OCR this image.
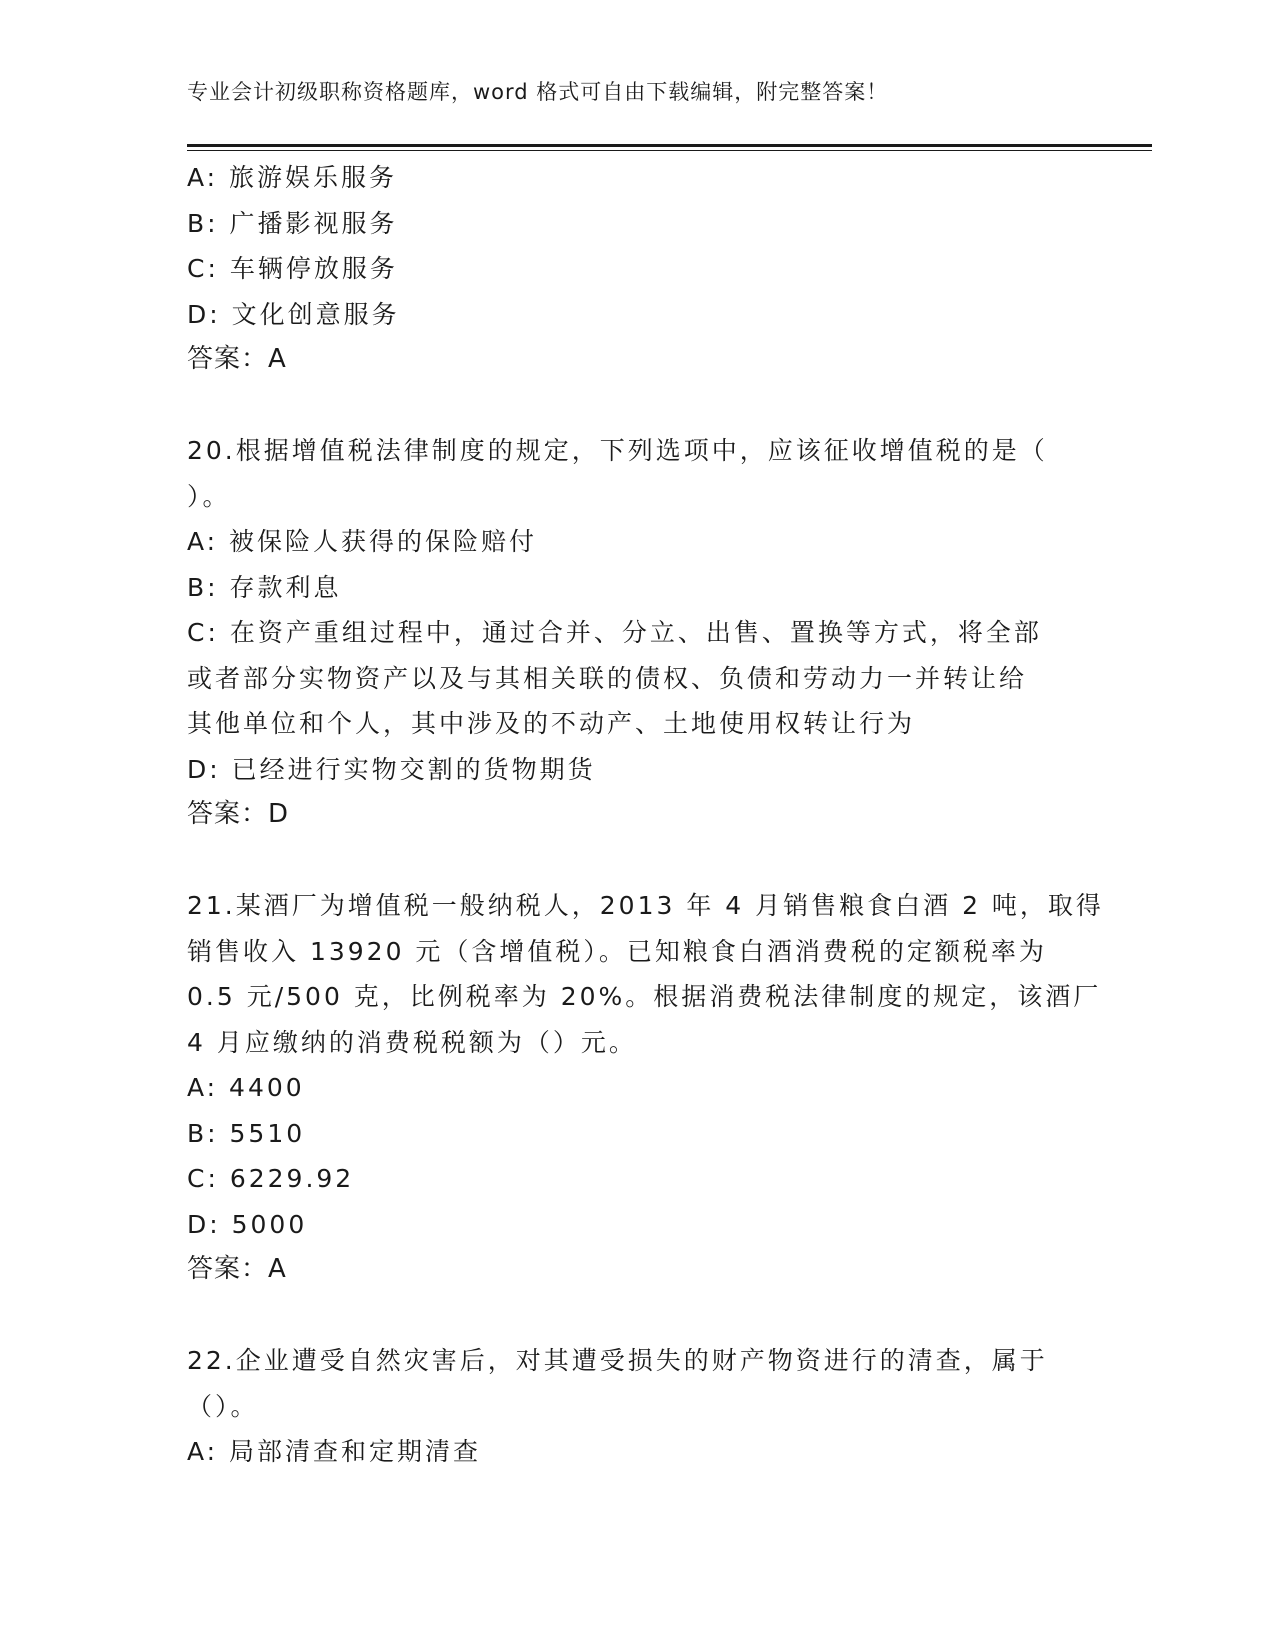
专业会计初级职称资格题库，word 格式可自由下载编辑，附完整答案！
A: 旅游娱乐服务
B: 广播影视服务
C: 车辆停放服务
D: 文化创意服务
答案：A
20.根据增值税法律制度的规定，下列选项中，应该征收增值税的是（
）。
A: 被保险人获得的保险赔付
B: 存款利息
C: 在资产重组过程中，通过合并、分立、出售、置换等方式，将全部
或者部分实物资产以及与其相关联的债权、负债和劳动力一并转让给
其他单位和个人，其中涉及的不动产、土地使用权转让行为
D: 已经进行实物交割的货物期货
答案：D
21.某酒厂为增值税一般纳税人，2013 年 4 月销售粮食白酒 2 吨，取得
销售收入 13920 元（含增值税）。已知粮食白酒消费税的定额税率为
0.5 元/500 克，比例税率为 20%。根据消费税法律制度的规定，该酒厂
4 月应缴纳的消费税税额为（）元。
A: 4400
B: 5510
C: 6229.92
D: 5000
答案：A
22.企业遭受自然灾害后，对其遭受损失的财产物资进行的清查，属于
（）。
A: 局部清查和定期清查
